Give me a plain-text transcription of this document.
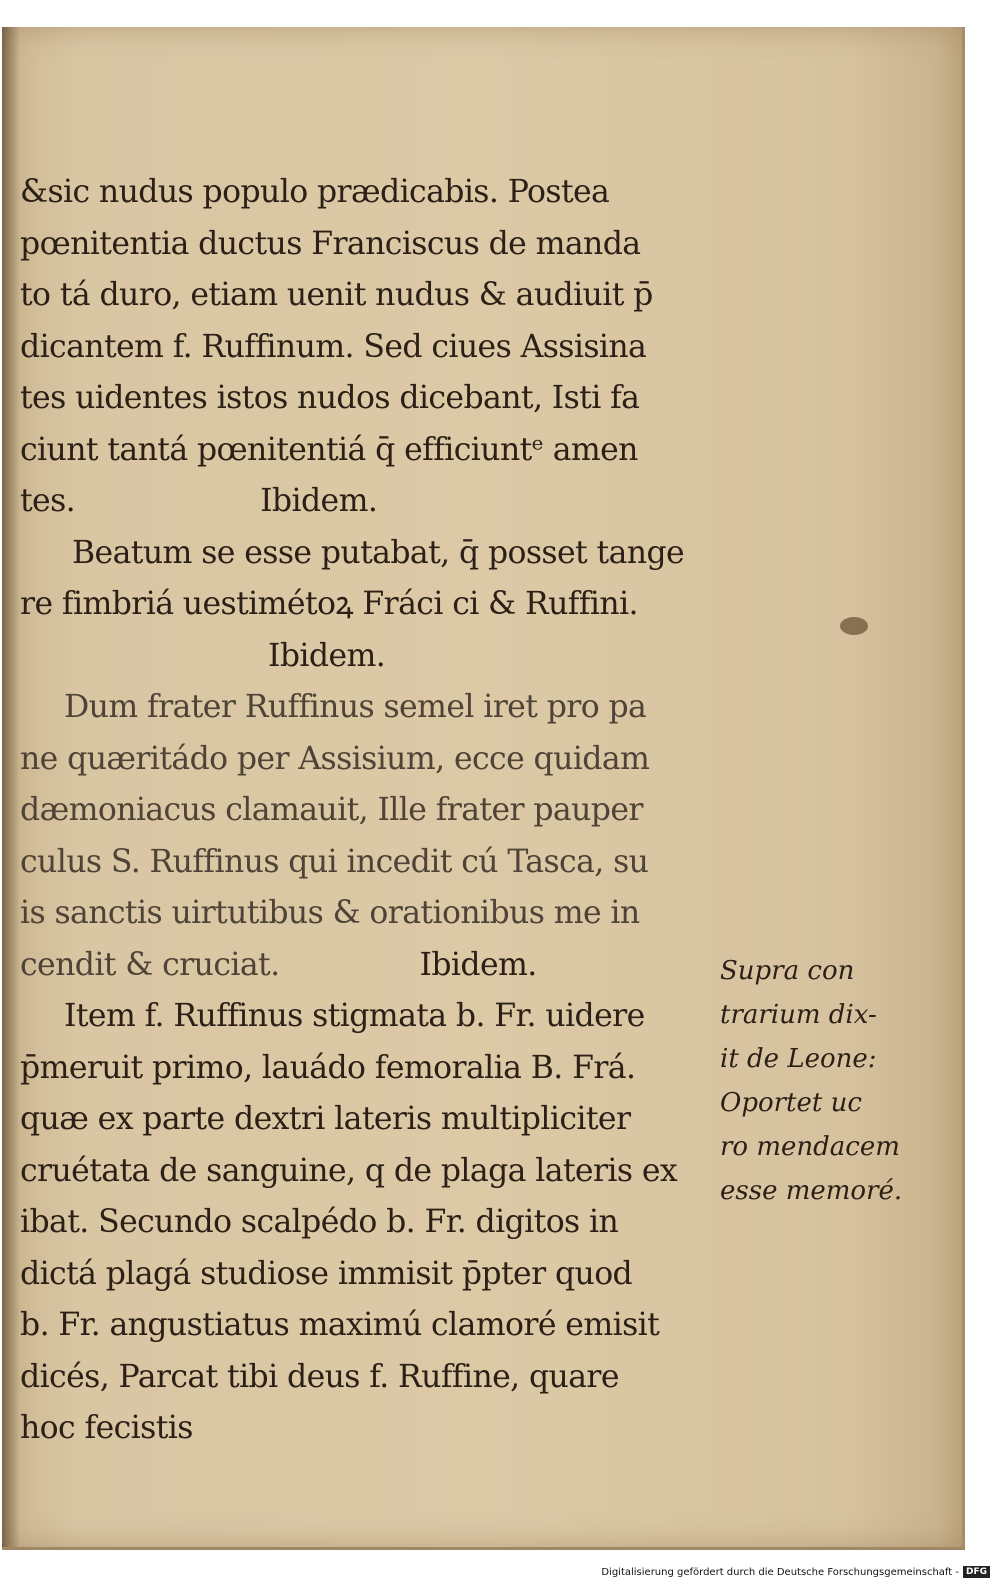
&sic nudus populo prædicabis. Postea
pœnitentia ductus Franciscus de manda
to tá duro, etiam uenit nudus & audiuit p̄
dicantem f. Ruffinum. Sed ciues Assisina
tes uidentes istos nudos dicebant, Isti fa
ciunt tantá pœnitentiá q̄ efficiuntᵉ amen
tes.	Ibidem.
Beatum se esse putabat, q̄ posset tange
re fimbriá uestimétoꝝ Fráci ci & Ruffini.
Ibidem.
Dum frater Ruffinus semel iret pro pa
ne quæritádo per Assisium, ecce quidam
dæmoniacus clamauit, Ille frater pauper
culus S. Ruffinus qui incedit cú Tasca, su
is sanctis uirtutibus & orationibus me in
cendit & cruciat.	Ibidem.
Item f. Ruffinus stigmata b. Fr. uidere
p̄meruit primo, lauádo femoralia B. Frá.
quæ ex parte dextri lateris multipliciter
cruétata de sanguine, q de plaga lateris ex
ibat. Secundo scalpédo b. Fr. digitos in
dictá plagá studiose immisit p̄pter quod
b. Fr. angustiatus maximú clamoré emisit
dicés, Parcat tibi deus f. Ruffine, quare
hoc fecistis
Supra con
trarium dix-
it de Leone:
Oportet uc
ro mendacem
esse memoré.
Digitalisierung gefördert durch die Deutsche Forschungsgemeinschaft - DFG
